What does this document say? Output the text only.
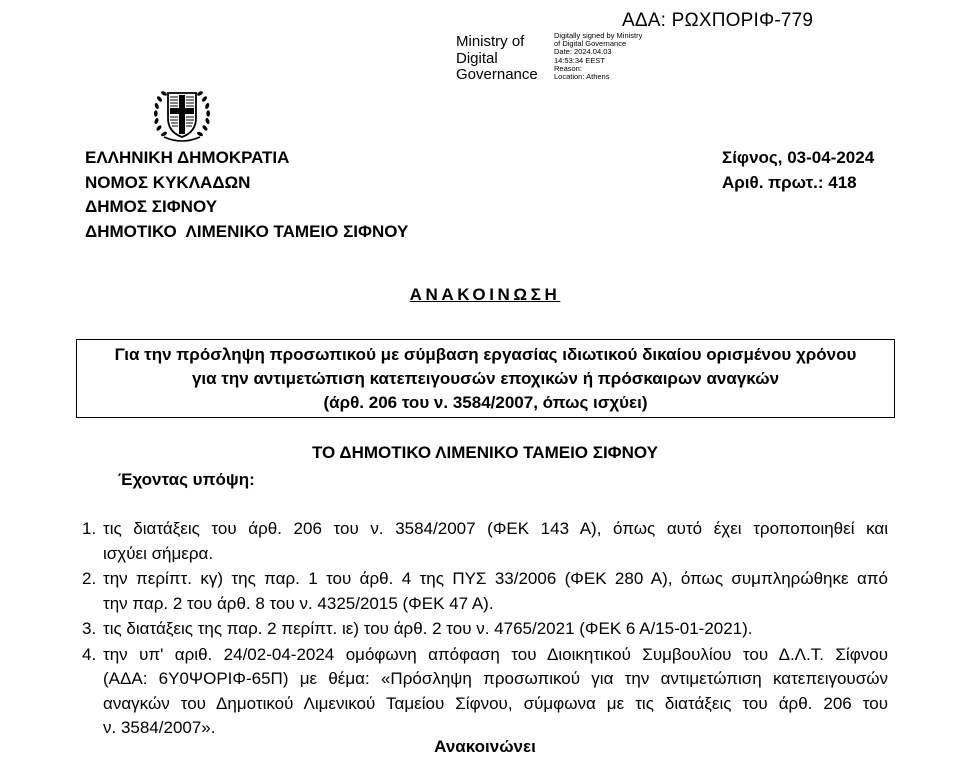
ΑΔΑ: ΡΩΧΠΟΡΙΦ-779
Ministry of
Digital
Governance
Digitally signed by Ministry
of Digital Governance
Date: 2024.04.03
14:53:34 EEST
Reason:
Location: Athens
ΕΛΛΗΝΙΚΗ ΔΗΜΟΚΡΑΤΙΑ
ΝΟΜΟΣ ΚΥΚΛΑΔΩΝ
ΔΗΜΟΣ ΣΙΦΝΟΥ
ΔΗΜΟΤΙΚΟ  ΛΙΜΕΝΙΚΟ ΤΑΜΕΙΟ ΣΙΦΝΟΥ
Σίφνος, 03-04-2024
Αριθ. πρωτ.: 418
ΑΝΑΚΟΙΝΩΣΗ
Για την πρόσληψη προσωπικού με σύμβαση εργασίας ιδιωτικού δικαίου ορισμένου χρόνου
για την αντιμετώπιση κατεπειγουσών εποχικών ή πρόσκαιρων αναγκών
(άρθ. 206 του ν. 3584/2007, όπως ισχύει)
ΤΟ ΔΗΜΟΤΙΚΟ ΛΙΜΕΝΙΚΟ ΤΑΜΕΙΟ ΣΙΦΝΟΥ
Έχοντας υπόψη:
1. τις διατάξεις του άρθ. 206 του ν. 3584/2007 (ΦΕΚ 143 Α), όπως αυτό έχει τροποποιηθεί και
ισχύει σήμερα.
2. την περίπτ. κγ) της παρ. 1 του άρθ. 4 της ΠΥΣ 33/2006 (ΦΕΚ 280 Α), όπως συμπληρώθηκε από
την παρ. 2 του άρθ. 8 του ν. 4325/2015 (ΦΕΚ 47 Α).
3. τις διατάξεις της παρ. 2 περίπτ. ιε) του άρθ. 2 του ν. 4765/2021 (ΦΕΚ 6 Α/15-01-2021).
4. την υπ' αριθ. 24/02-04-2024 ομόφωνη απόφαση του Διοικητικού Συμβουλίου του Δ.Λ.Τ. Σίφνου
(ΑΔΑ: 6Υ0ΨΟΡΙΦ-65Π) με θέμα: «Πρόσληψη προσωπικού για την αντιμετώπιση κατεπειγουσών
αναγκών του Δημοτικού Λιμενικού Ταμείου Σίφνου, σύμφωνα με τις διατάξεις του άρθ. 206 του
ν. 3584/2007».
Ανακοινώνει
